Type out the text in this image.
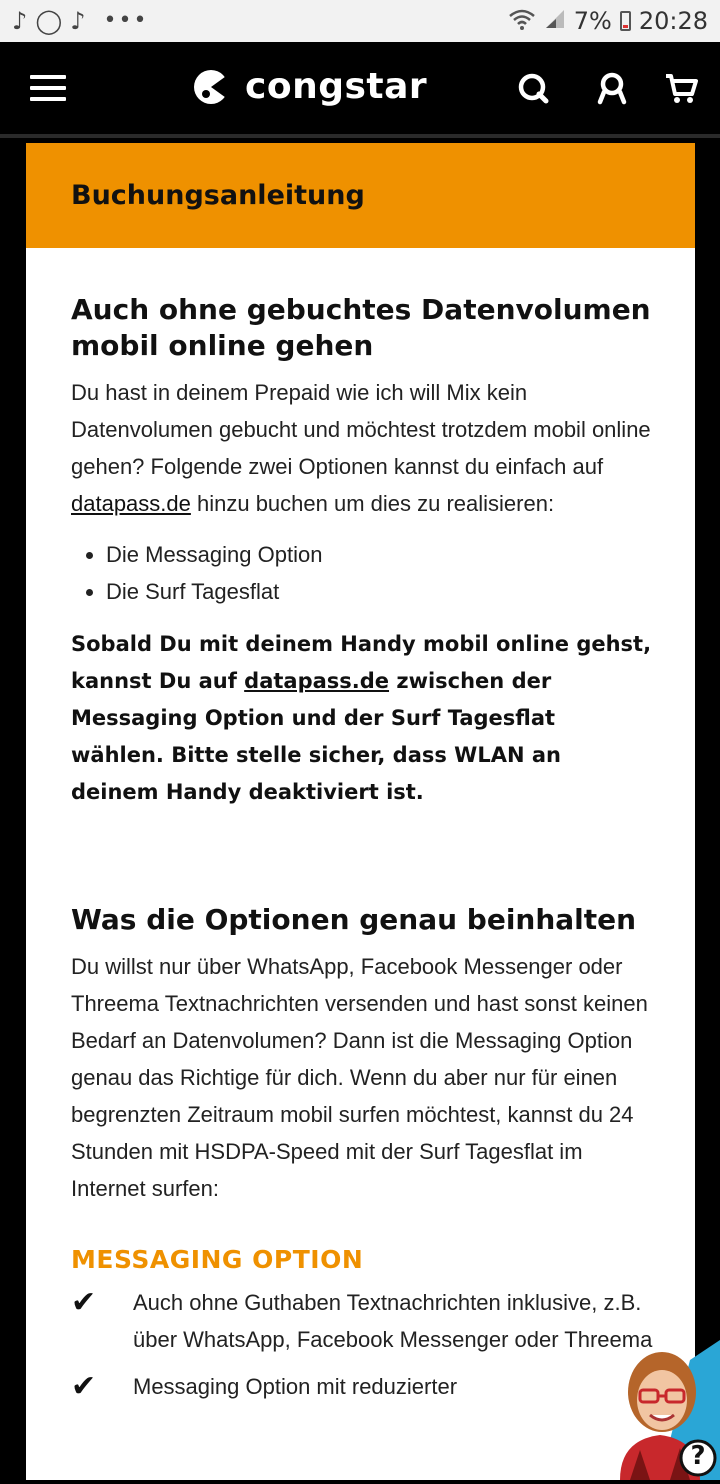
♪ ◯ ♪ •••	7% 20:28
congstar
Buchungsanleitung
Auch ohne gebuchtes Datenvolumen mobil online gehen

Du hast in deinem Prepaid wie ich will Mix kein Datenvolumen gebucht und möchtest trotzdem mobil online gehen? Folgende zwei Optionen kannst du einfach auf datapass.de hinzu buchen um dies zu realisieren:

• Die Messaging Option
• Die Surf Tagesflat

Sobald Du mit deinem Handy mobil online gehst, kannst Du auf datapass.de zwischen der Messaging Option und der Surf Tagesflat wählen. Bitte stelle sicher, dass WLAN an deinem Handy deaktiviert ist.

Was die Optionen genau beinhalten

Du willst nur über WhatsApp, Facebook Messenger oder Threema Textnachrichten versenden und hast sonst keinen Bedarf an Datenvolumen? Dann ist die Messaging Option genau das Richtige für dich. Wenn du aber nur für einen begrenzten Zeitraum mobil surfen möchtest, kannst du 24 Stunden mit HSDPA-Speed mit der Surf Tagesflat im Internet surfen:

MESSAGING OPTION
✔	Auch ohne Guthaben Textnachrichten inklusive, z.B. über WhatsApp, Facebook Messenger oder Threema
✔	Messaging Option mit reduzierter
?
